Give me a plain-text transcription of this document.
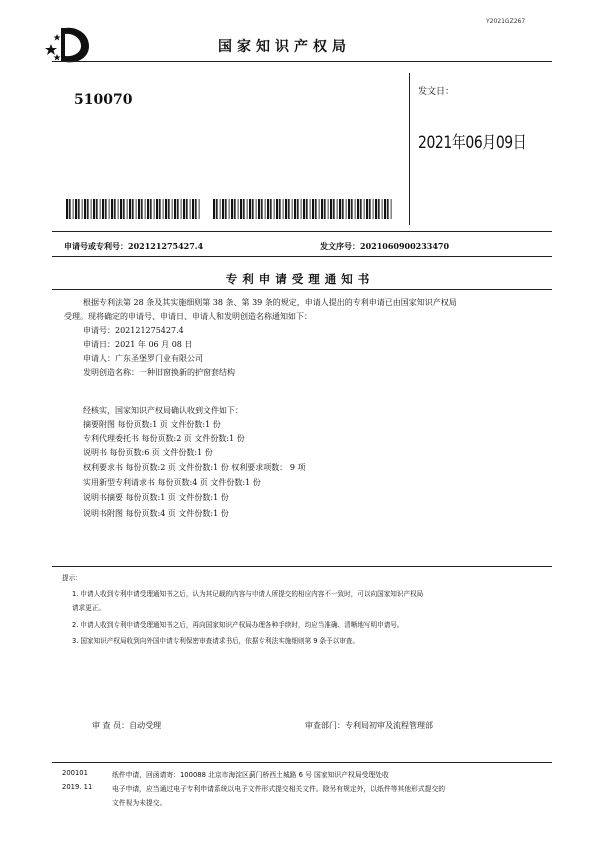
Y2021GZ267
国家知识产权局
510070	发文日：
2021年06月09日
申请号或专利号：202121275427.4	发文序号：2021060900233470
专利申请受理通知书
根据专利法第 28 条及其实施细则第 38 条、第 39 条的规定，申请人提出的专利申请已由国家知识产权局
受理。现将确定的申请号、申请日、申请人和发明创造名称通知如下：
申请号：202121275427.4
申请日：2021 年 06 月 08 日
申请人：广东圣堡罗门业有限公司
发明创造名称：一种旧窗换新的护窗套结构
经核实，国家知识产权局确认收到文件如下：
摘要附图 每份页数:1 页 文件份数:1 份
专利代理委托书 每份页数:2 页 文件份数:1 份
说明书 每份页数:6 页 文件份数:1 份
权利要求书 每份页数:2 页 文件份数:1 份 权利要求项数： 9 项
实用新型专利请求书 每份页数:4 页 文件份数:1 份
说明书摘要 每份页数:1 页 文件份数:1 份
说明书附图 每份页数:4 页 文件份数:1 份
提示：
1. 申请人收到专利申请受理通知书之后，认为其记载的内容与申请人所提交的相应内容不一致时，可以向国家知识产权局
请求更正。
2. 申请人收到专利申请受理通知书之后，再向国家知识产权局办理各种手续时，均应当准确、清晰地写明申请号。
3. 国家知识产权局收到向外国申请专利保密审查请求书后，依据专利法实施细则第 9 条予以审查。
审 查 员：自动受理	审查部门：专利局初审及流程管理部
200101
2019. 11
纸件申请，回函请寄：100088 北京市海淀区蓟门桥西土城路 6 号 国家知识产权局受理处收
电子申请，应当通过电子专利申请系统以电子文件形式提交相关文件。除另有规定外，以纸件等其他形式提交的
文件视为未提交。
